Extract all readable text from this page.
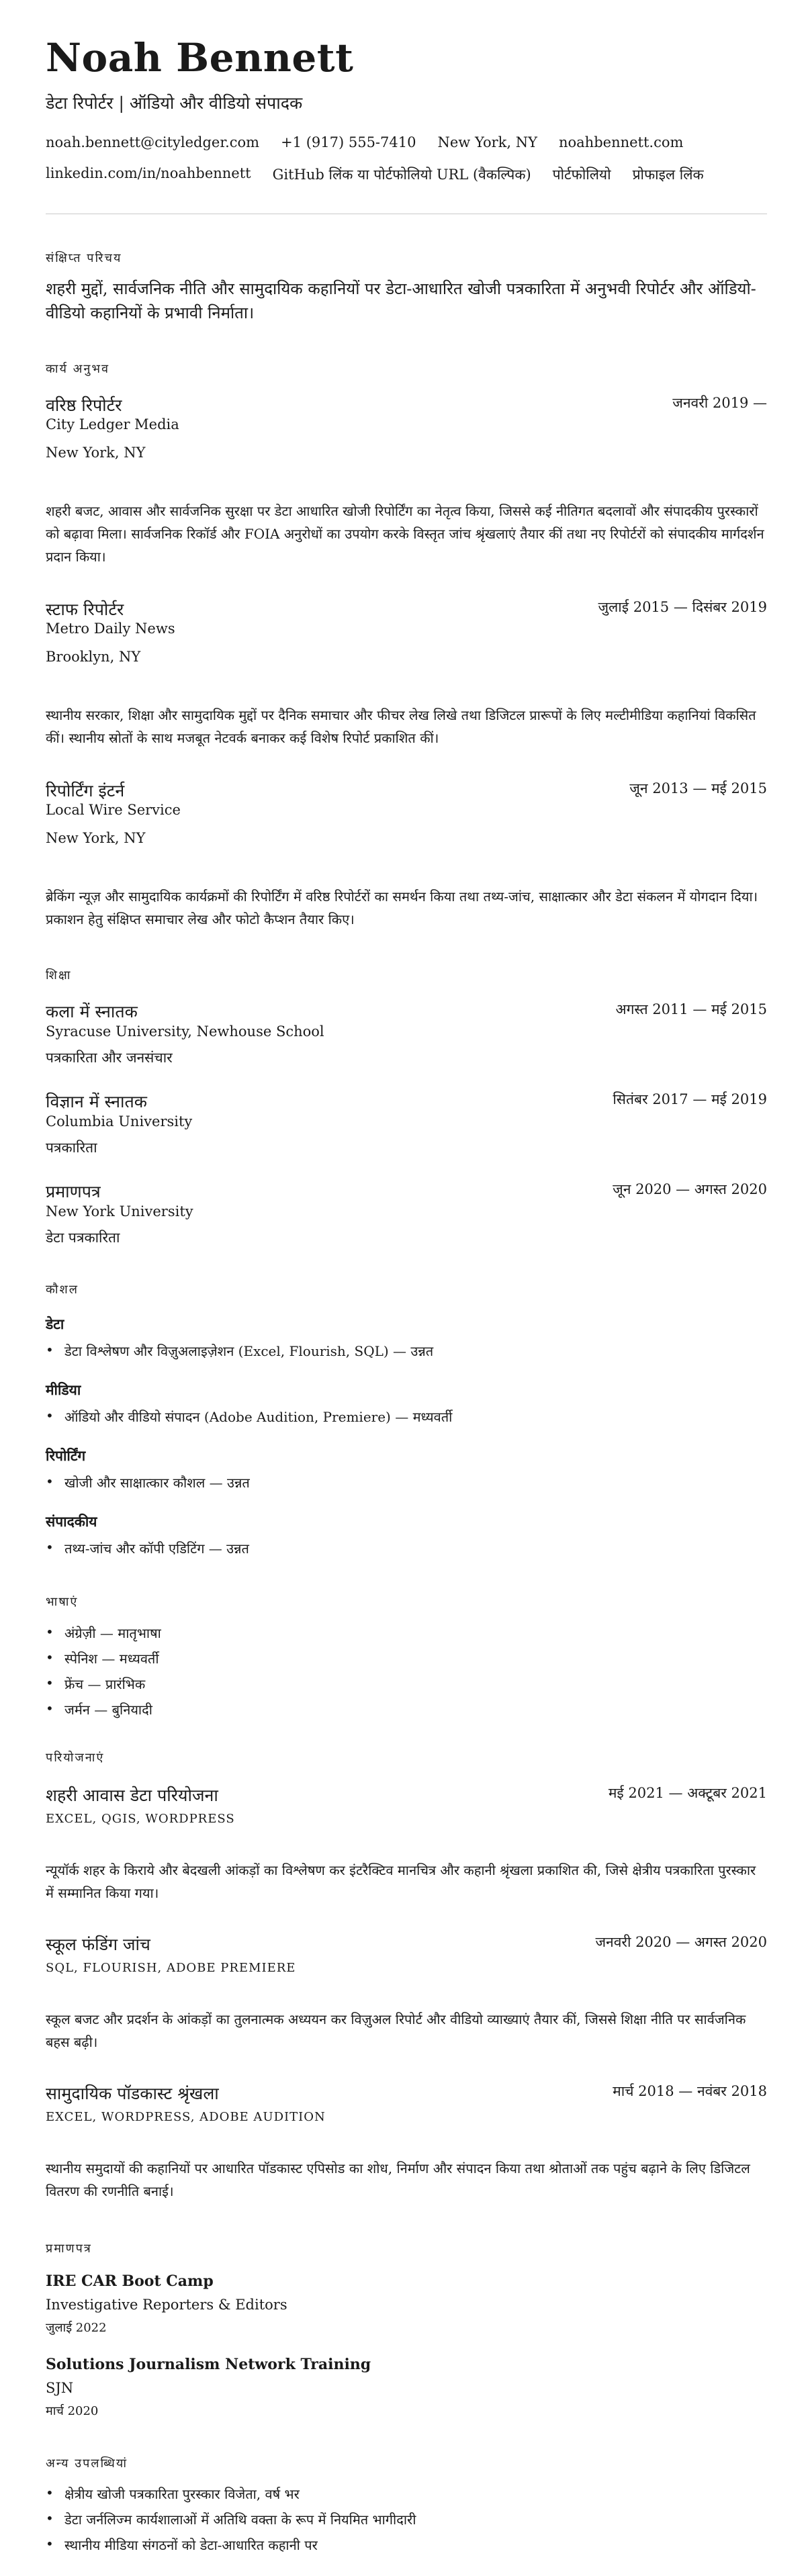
Noah Bennett
डेटा रिपोर्टर | ऑडियो और वीडियो संपादक
noah.bennett@cityledger.com +1 (917) 555-7410 New York, NY noahbennett.com
linkedin.com/in/noahbennett GitHub लिंक या पोर्टफोलियो URL (वैकल्पिक) पोर्टफोलियो प्रोफाइल लिंक
संक्षिप्त परिचय
शहरी मुद्दों, सार्वजनिक नीति और सामुदायिक कहानियों पर डेटा-आधारित खोजी पत्रकारिता में अनुभवी रिपोर्टर और ऑडियो-वीडियो कहानियों के प्रभावी निर्माता।
कार्य अनुभव
वरिष्ठ रिपोर्टर	जनवरी 2019 —
City Ledger Media
New York, NY
शहरी बजट, आवास और सार्वजनिक सुरक्षा पर डेटा आधारित खोजी रिपोर्टिंग का नेतृत्व किया, जिससे कई नीतिगत बदलावों और संपादकीय पुरस्कारों को बढ़ावा मिला। सार्वजनिक रिकॉर्ड और FOIA अनुरोधों का उपयोग करके विस्तृत जांच श्रृंखलाएं तैयार कीं तथा नए रिपोर्टरों को संपादकीय मार्गदर्शन प्रदान किया।
स्टाफ रिपोर्टर	जुलाई 2015 — दिसंबर 2019
Metro Daily News
Brooklyn, NY
स्थानीय सरकार, शिक्षा और सामुदायिक मुद्दों पर दैनिक समाचार और फीचर लेख लिखे तथा डिजिटल प्रारूपों के लिए मल्टीमीडिया कहानियां विकसित कीं। स्थानीय स्रोतों के साथ मजबूत नेटवर्क बनाकर कई विशेष रिपोर्ट प्रकाशित कीं।
रिपोर्टिंग इंटर्न	जून 2013 — मई 2015
Local Wire Service
New York, NY
ब्रेकिंग न्यूज़ और सामुदायिक कार्यक्रमों की रिपोर्टिंग में वरिष्ठ रिपोर्टरों का समर्थन किया तथा तथ्य-जांच, साक्षात्कार और डेटा संकलन में योगदान दिया। प्रकाशन हेतु संक्षिप्त समाचार लेख और फोटो कैप्शन तैयार किए।
शिक्षा
कला में स्नातक	अगस्त 2011 — मई 2015
Syracuse University, Newhouse School
पत्रकारिता और जनसंचार
विज्ञान में स्नातक	सितंबर 2017 — मई 2019
Columbia University
पत्रकारिता
प्रमाणपत्र	जून 2020 — अगस्त 2020
New York University
डेटा पत्रकारिता
कौशल
डेटा
• डेटा विश्लेषण और विज़ुअलाइज़ेशन (Excel, Flourish, SQL) — उन्नत
मीडिया
• ऑडियो और वीडियो संपादन (Adobe Audition, Premiere) — मध्यवर्ती
रिपोर्टिंग
• खोजी और साक्षात्कार कौशल — उन्नत
संपादकीय
• तथ्य-जांच और कॉपी एडिटिंग — उन्नत
भाषाएं
• अंग्रेज़ी — मातृभाषा
• स्पेनिश — मध्यवर्ती
• फ्रेंच — प्रारंभिक
• जर्मन — बुनियादी
परियोजनाएं
शहरी आवास डेटा परियोजना	मई 2021 — अक्टूबर 2021
EXCEL, QGIS, WORDPRESS
न्यूयॉर्क शहर के किराये और बेदखली आंकड़ों का विश्लेषण कर इंटरैक्टिव मानचित्र और कहानी श्रृंखला प्रकाशित की, जिसे क्षेत्रीय पत्रकारिता पुरस्कार में सम्मानित किया गया।
स्कूल फंडिंग जांच	जनवरी 2020 — अगस्त 2020
SQL, FLOURISH, ADOBE PREMIERE
स्कूल बजट और प्रदर्शन के आंकड़ों का तुलनात्मक अध्ययन कर विज़ुअल रिपोर्ट और वीडियो व्याख्याएं तैयार कीं, जिससे शिक्षा नीति पर सार्वजनिक बहस बढ़ी।
सामुदायिक पॉडकास्ट श्रृंखला	मार्च 2018 — नवंबर 2018
EXCEL, WORDPRESS, ADOBE AUDITION
स्थानीय समुदायों की कहानियों पर आधारित पॉडकास्ट एपिसोड का शोध, निर्माण और संपादन किया तथा श्रोताओं तक पहुंच बढ़ाने के लिए डिजिटल वितरण की रणनीति बनाई।
प्रमाणपत्र
IRE CAR Boot Camp
Investigative Reporters & Editors
जुलाई 2022
Solutions Journalism Network Training
SJN
मार्च 2020
अन्य उपलब्धियां
• क्षेत्रीय खोजी पत्रकारिता पुरस्कार विजेता, वर्ष भर
• डेटा जर्नलिज्म कार्यशालाओं में अतिथि वक्ता के रूप में नियमित भागीदारी
• स्थानीय मीडिया संगठनों को डेटा-आधारित कहानी पर
